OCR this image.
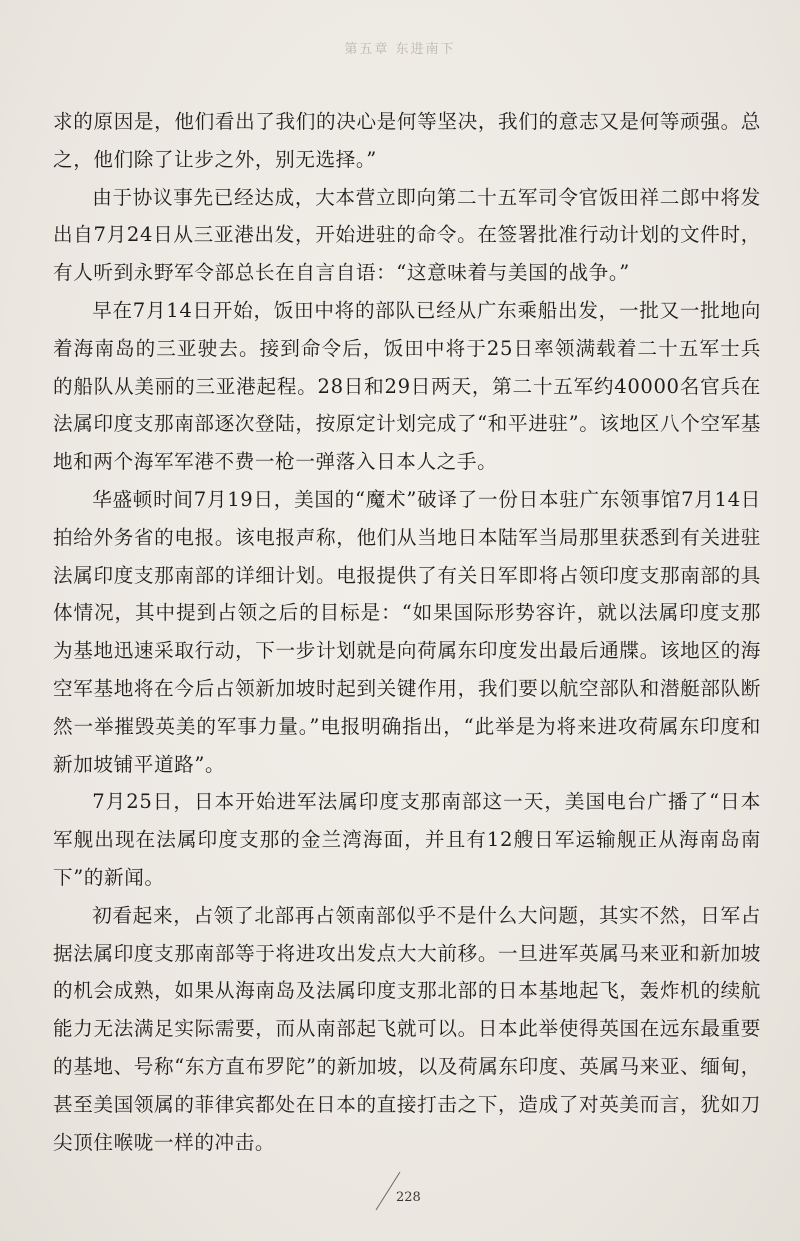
第五章 东进南下

求的原因是，他们看出了我们的决心是何等坚决，我们的意志又是何等顽强。总之，他们除了让步之外，别无选择。”

由于协议事先已经达成，大本营立即向第二十五军司令官饭田祥二郎中将发出自7月24日从三亚港出发，开始进驻的命令。在签署批准行动计划的文件时，有人听到永野军令部总长在自言自语：“这意味着与美国的战争。”

早在7月14日开始，饭田中将的部队已经从广东乘船出发，一批又一批地向着海南岛的三亚驶去。接到命令后，饭田中将于25日率领满载着二十五军士兵的船队从美丽的三亚港起程。28日和29日两天，第二十五军约40000名官兵在法属印度支那南部逐次登陆，按原定计划完成了“和平进驻”。该地区八个空军基地和两个海军军港不费一枪一弹落入日本人之手。

华盛顿时间7月19日，美国的“魔术”破译了一份日本驻广东领事馆7月14日拍给外务省的电报。该电报声称，他们从当地日本陆军当局那里获悉到有关进驻法属印度支那南部的详细计划。电报提供了有关日军即将占领印度支那南部的具体情况，其中提到占领之后的目标是：“如果国际形势容许，就以法属印度支那为基地迅速采取行动，下一步计划就是向荷属东印度发出最后通牒。该地区的海空军基地将在今后占领新加坡时起到关键作用，我们要以航空部队和潜艇部队断然一举摧毁英美的军事力量。”电报明确指出，“此举是为将来进攻荷属东印度和新加坡铺平道路”。

7月25日，日本开始进军法属印度支那南部这一天，美国电台广播了“日本军舰出现在法属印度支那的金兰湾海面，并且有12艘日军运输舰正从海南岛南下”的新闻。

初看起来，占领了北部再占领南部似乎不是什么大问题，其实不然，日军占据法属印度支那南部等于将进攻出发点大大前移。一旦进军英属马来亚和新加坡的机会成熟，如果从海南岛及法属印度支那北部的日本基地起飞，轰炸机的续航能力无法满足实际需要，而从南部起飞就可以。日本此举使得英国在远东最重要的基地、号称“东方直布罗陀”的新加坡，以及荷属东印度、英属马来亚、缅甸，甚至美国领属的菲律宾都处在日本的直接打击之下，造成了对英美而言，犹如刀尖顶住喉咙一样的冲击。

228
